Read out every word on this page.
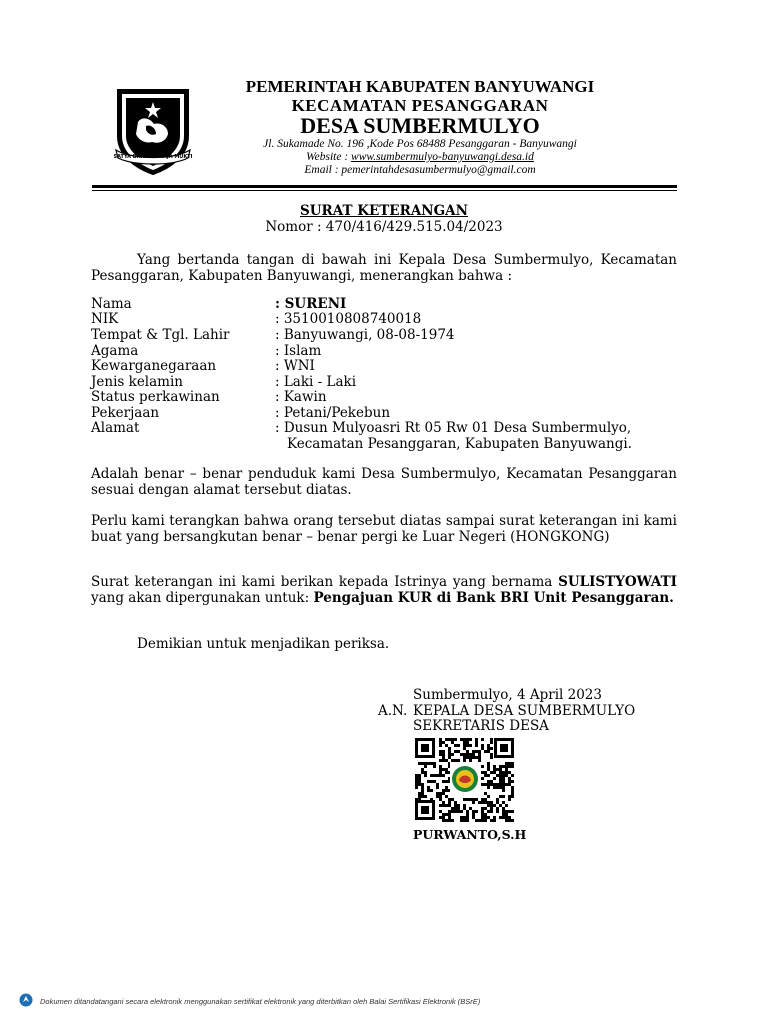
SATYA BHAKTI PRAJA MUKTI
PEMERINTAH KABUPATEN BANYUWANGI
KECAMATAN PESANGGARAN
DESA SUMBERMULYO
Jl. Sukamade No. 196 ,Kode Pos 68488 Pesanggaran - Banyuwangi
Website : www.sumbermulyo-banyuwangi.desa.id
Email : pemerintahdesasumbermulyo@gmail.com
SURAT KETERANGAN
Nomor : 470/416/429.515.04/2023
Yang bertanda tangan di bawah ini Kepala Desa Sumbermulyo, Kecamatan Pesanggaran, Kabupaten Banyuwangi, menerangkan bahwa :
Nama	: SURENI
NIK	: 3510010808740018
Tempat & Tgl. Lahir	: Banyuwangi, 08-08-1974
Agama	: Islam
Kewarganegaraan	: WNI
Jenis kelamin	: Laki - Laki
Status perkawinan	: Kawin
Pekerjaan	: Petani/Pekebun
Alamat	: Dusun Mulyoasri Rt 05 Rw 01 Desa Sumbermulyo,
Kecamatan Pesanggaran, Kabupaten Banyuwangi.
Adalah benar – benar penduduk kami Desa Sumbermulyo, Kecamatan Pesanggaran sesuai dengan alamat tersebut diatas.
Perlu kami terangkan bahwa orang tersebut diatas sampai surat keterangan ini kami buat yang bersangkutan benar – benar pergi ke Luar Negeri (HONGKONG)
Surat keterangan ini kami berikan kepada Istrinya yang bernama SULISTYOWATI yang akan dipergunakan untuk: Pengajuan KUR di Bank BRI Unit Pesanggaran.
Demikian untuk menjadikan periksa.
Sumbermulyo, 4 April 2023
A.N. KEPALA DESA SUMBERMULYO
SEKRETARIS DESA
PURWANTO,S.H
Dokumen ditandatangani secara elektronik menggunakan sertifikat elektronik yang diterbitkan oleh Balai Sertifikasi Elektronik (BSrE)
